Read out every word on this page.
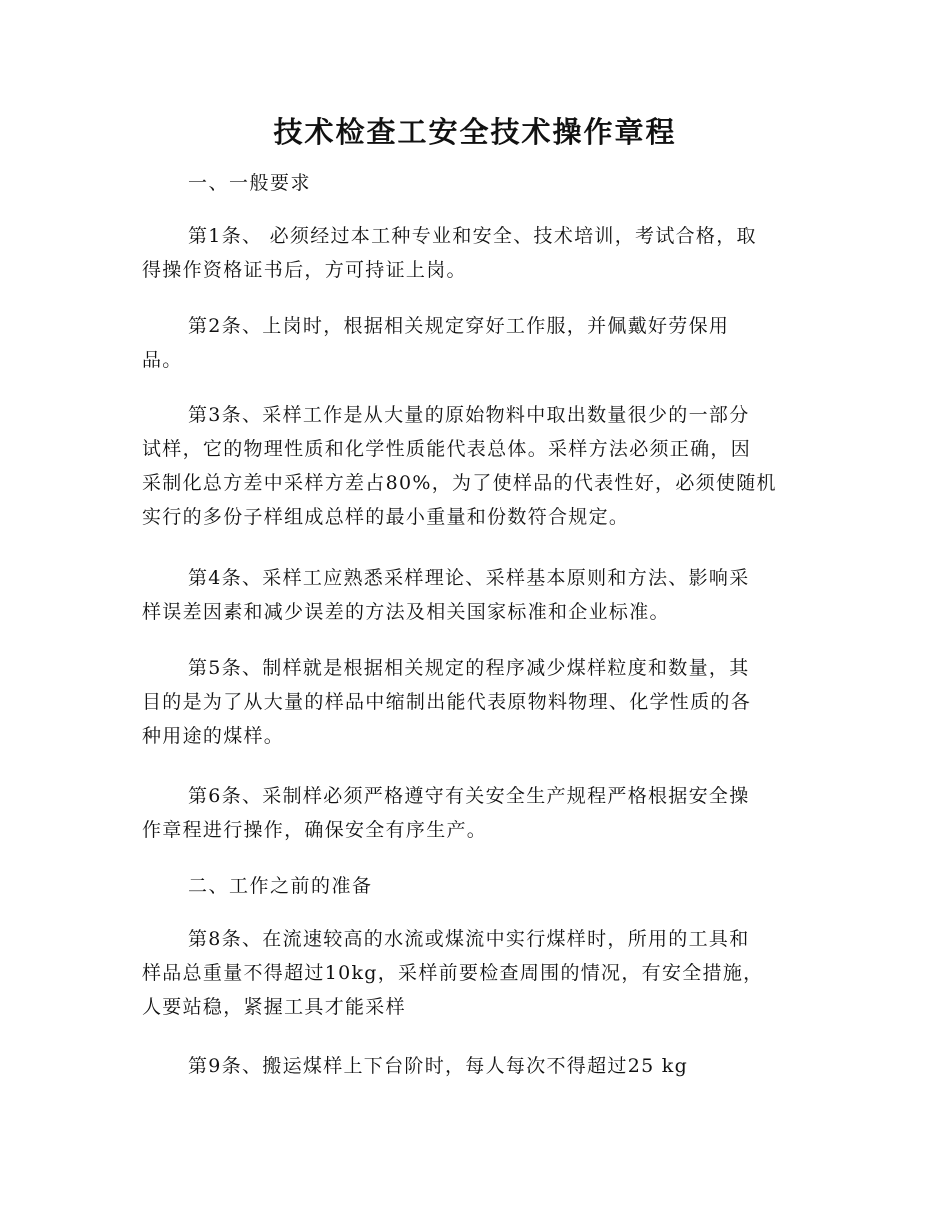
技术检查工安全技术操作章程
一、一般要求
第1条、 必须经过本工种专业和安全、技术培训，考试合格，取
得操作资格证书后，方可持证上岗。
第2条、上岗时，根据相关规定穿好工作服，并佩戴好劳保用
品。
第3条、采样工作是从大量的原始物料中取出数量很少的一部分
试样，它的物理性质和化学性质能代表总体。采样方法必须正确，因
采制化总方差中采样方差占80%，为了使样品的代表性好，必须使随机
实行的多份子样组成总样的最小重量和份数符合规定。
第4条、采样工应熟悉采样理论、采样基本原则和方法、影响采
样误差因素和减少误差的方法及相关国家标准和企业标准。
第5条、制样就是根据相关规定的程序减少煤样粒度和数量，其
目的是为了从大量的样品中缩制出能代表原物料物理、化学性质的各
种用途的煤样。
第6条、采制样必须严格遵守有关安全生产规程严格根据安全操
作章程进行操作，确保安全有序生产。
二、工作之前的准备
第8条、在流速较高的水流或煤流中实行煤样时，所用的工具和
样品总重量不得超过10kg，采样前要检查周围的情况，有安全措施，
人要站稳，紧握工具才能采样
第9条、搬运煤样上下台阶时，每人每次不得超过25 kg
